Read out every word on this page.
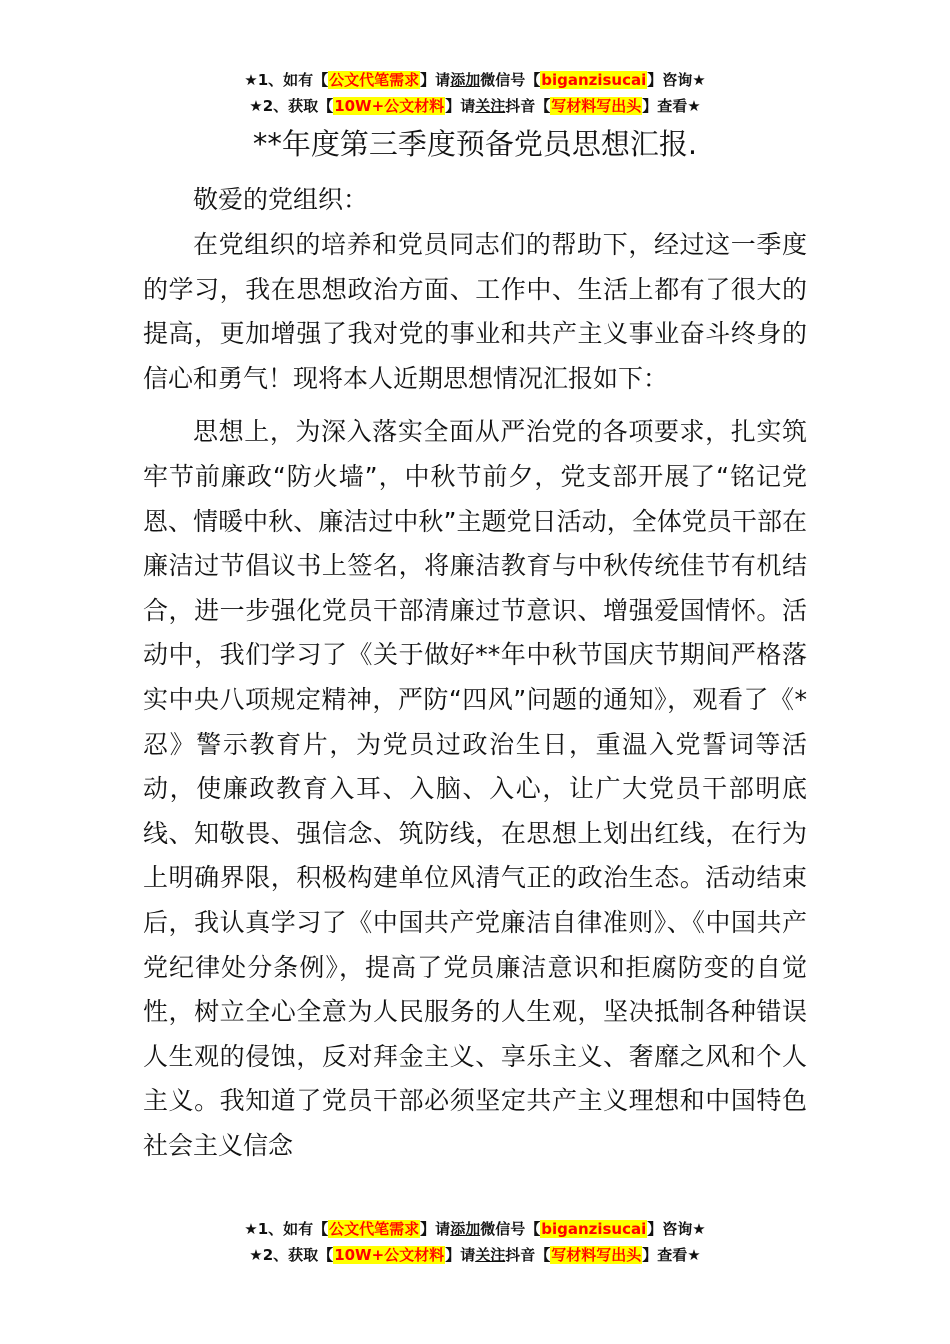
★1、如有【公文代笔需求】请添加微信号【biganzisucai】咨询★
★2、获取【10W+公文材料】请关注抖音【写材料写出头】查看★
**年度第三季度预备党员思想汇报.

敬爱的党组织：

在党组织的培养和党员同志们的帮助下，经过这一季度的学习，我在思想政治方面、工作中、生活上都有了很大的提高，更加增强了我对党的事业和共产主义事业奋斗终身的信心和勇气！现将本人近期思想情况汇报如下：

思想上，为深入落实全面从严治党的各项要求，扎实筑牢节前廉政“防火墙”，中秋节前夕，党支部开展了“铭记党恩、情暖中秋、廉洁过中秋”主题党日活动，全体党员干部在廉洁过节倡议书上签名，将廉洁教育与中秋传统佳节有机结合，进一步强化党员干部清廉过节意识、增强爱国情怀。活动中，我们学习了《关于做好**年中秋节国庆节期间严格落实中央八项规定精神，严防“四风”问题的通知》，观看了《*忍》警示教育片，为党员过政治生日，重温入党誓词等活动，使廉政教育入耳、入脑、入心，让广大党员干部明底线、知敬畏、强信念、筑防线，在思想上划出红线，在行为上明确界限，积极构建单位风清气正的政治生态。活动结束后，我认真学习了《中国共产党廉洁自律准则》、《中国共产党纪律处分条例》，提高了党员廉洁意识和拒腐防变的自觉性，树立全心全意为人民服务的人生观，坚决抵制各种错误人生观的侵蚀，反对拜金主义、享乐主义、奢靡之风和个人主义。我知道了党员干部必须坚定共产主义理想和中国特色社会主义信念

★1、如有【公文代笔需求】请添加微信号【biganzisucai】咨询★
★2、获取【10W+公文材料】请关注抖音【写材料写出头】查看★
